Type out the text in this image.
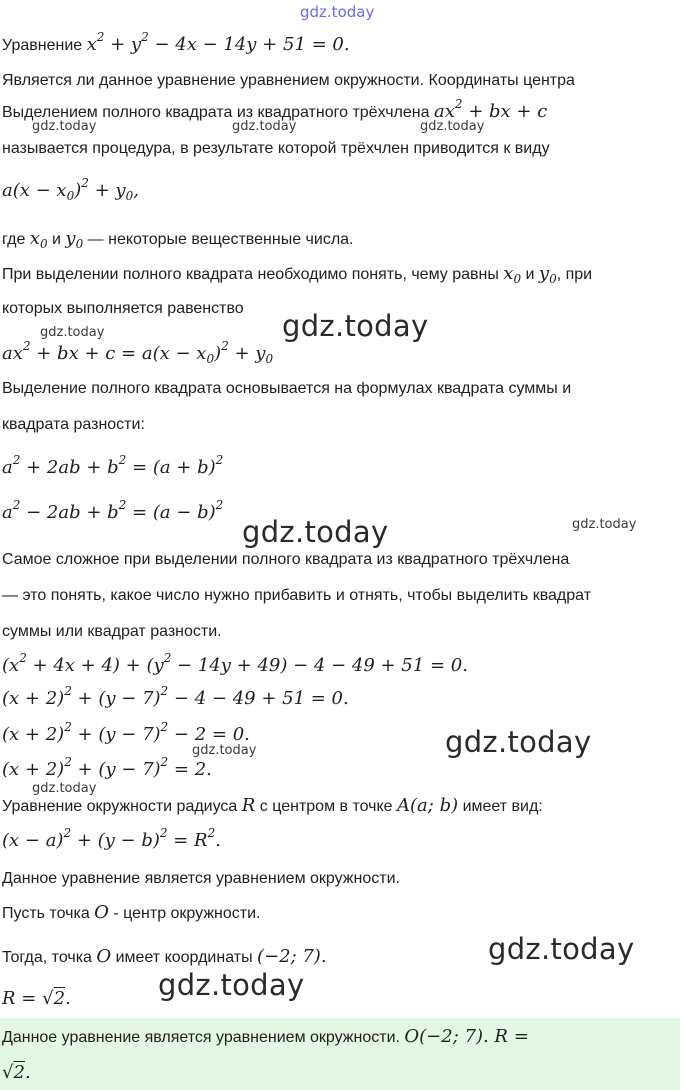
gdz.today
gdz.today	gdz.today	gdz.today
gdz.today	gdz.today
gdz.today	gdz.today
gdz.today
gdz.today
gdz.today
gdz.today
gdz.today
Уравнение $x^2 + y^2 - 4x - 14y + 51 = 0$.
Является ли данное уравнение уравнением окружности. Координаты центра
Выделением полного квадрата из квадратного трёхчлена $ax^2$ + bx + c
называется процедура, в результате которой трёхчлен приводится к виду
$a(x - x_0)^2 + y_0$,
где $x_0$ и $y_0$ — некоторые вещественные числа.
При выделении полного квадрата необходимо понять, чему равны $x_0$ и $y_0$, при
которых выполняется равенство
$ax^2$ + bx + $c = a(x - x_0)^2 + y_0$
Выделение полного квадрата основывается на формулах квадрата суммы и
квадрата разности:
$a^2 + 2ab + b^2 = (a + b)^2$
$a^2 - 2ab + b^2 = (a - b)^2$
Самое сложное при выделении полного квадрата из квадратного трёхчлена
— это понять, какое число нужно прибавить и отнять, чтобы выделить квадрат
суммы или квадрат разности.
$(x^2 + 4x + 4) + (y^2 - 14y + 49) - 4 - 49 + 51 = 0$.
$(x + 2)^2 + (y - 7)^2 - 4 - 49 + 51 = 0$.
$(x + 2)^2 + (y - 7)^2 - 2 = 0$.
$(x + 2)^2 + (y - 7)^2 = 2$.
Уравнение окружности радиуса R с центром в точке A(a; b) имеет вид:
$(x - a)^2 + (y - b)^2 = R^2$.
Данное уравнение является уравнением окружности.
Пусть точка O - центр окружности.
Тогда, точка O имеет координаты (−2; 7).
R = √2.
Данное уравнение является уравнением окружности. O(−2; 7). R =
√2.
